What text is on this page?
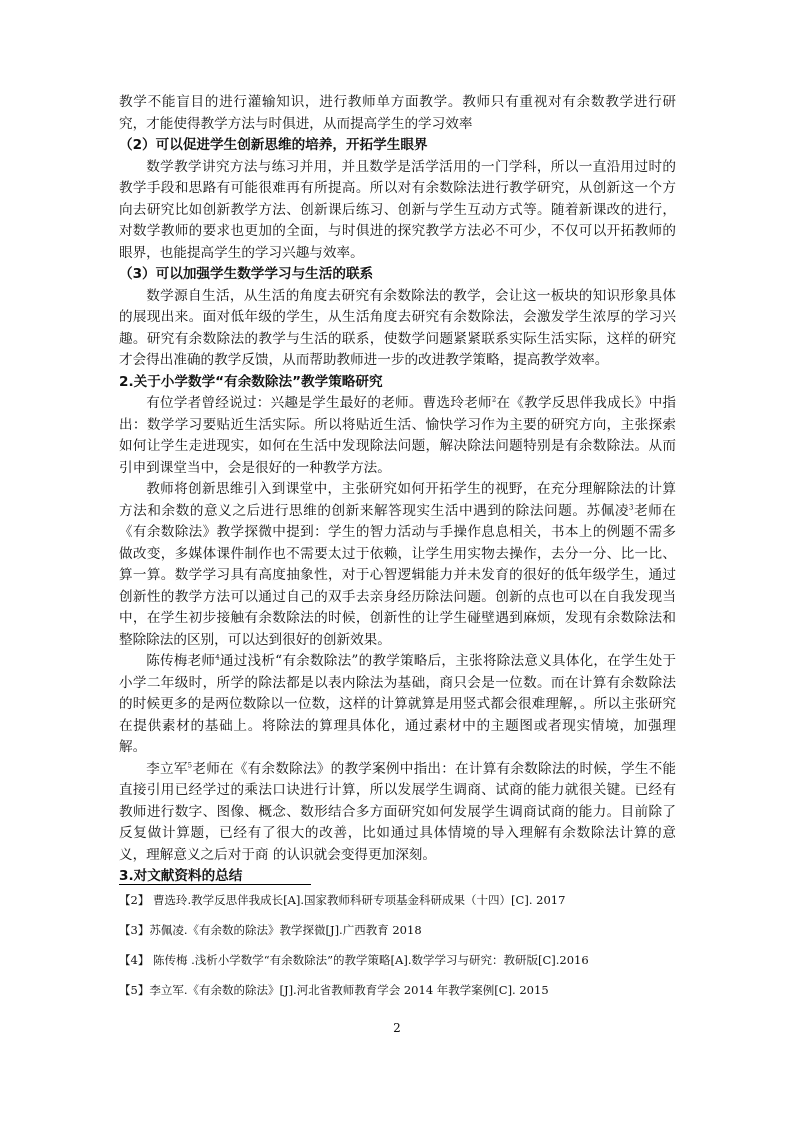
教学不能盲目的进行灌输知识，进行教师单方面教学。教师只有重视对有余数教学进行研究，才能使得教学方法与时俱进，从而提高学生的学习效率

（2）可以促进学生创新思维的培养，开拓学生眼界

数学教学讲究方法与练习并用，并且数学是活学活用的一门学科，所以一直沿用过时的教学手段和思路有可能很难再有所提高。所以对有余数除法进行教学研究，从创新这一个方向去研究比如创新教学方法、创新课后练习、创新与学生互动方式等。随着新课改的进行，对数学教师的要求也更加的全面，与时俱进的探究教学方法必不可少，不仅可以开拓教师的眼界，也能提高学生的学习兴趣与效率。

（3）可以加强学生数学学习与生活的联系

数学源自生活，从生活的角度去研究有余数除法的教学，会让这一板块的知识形象具体的展现出来。面对低年级的学生，从生活角度去研究有余数除法，会激发学生浓厚的学习兴趣。研究有余数除法的教学与生活的联系，使数学问题紧紧联系实际生活实际，这样的研究才会得出准确的教学反馈，从而帮助教师进一步的改进教学策略，提高教学效率。

2.关于小学数学“有余数除法”教学策略研究

有位学者曾经说过：兴趣是学生最好的老师。曹选玲老师$^2$在《教学反思伴我成长》中指出：数学学习要贴近生活实际。所以将贴近生活、愉快学习作为主要的研究方向，主张探索如何让学生走进现实，如何在生活中发现除法问题，解决除法问题特别是有余数除法。从而引申到课堂当中，会是很好的一种教学方法。

教师将创新思维引入到课堂中，主张研究如何开拓学生的视野，在充分理解除法的计算方法和余数的意义之后进行思维的创新来解答现实生活中遇到的除法问题。苏佩凌$^3$老师在《有余数除法》教学探微中提到：学生的智力活动与手操作息息相关，书本上的例题不需多做改变，多媒体课件制作也不需要太过于依赖，让学生用实物去操作，去分一分、比一比、算一算。数学学习具有高度抽象性，对于心智逻辑能力并未发育的很好的低年级学生，通过创新性的教学方法可以通过自己的双手去亲身经历除法问题。创新的点也可以在自我发现当中，在学生初步接触有余数除法的时候，创新性的让学生碰壁遇到麻烦，发现有余数除法和整除除法的区别，可以达到很好的创新效果。

陈传梅老师$^4$通过浅析“有余数除法”的教学策略后，主张将除法意义具体化，在学生处于小学二年级时，所学的除法都是以表内除法为基础，商只会是一位数。而在计算有余数除法的时候更多的是两位数除以一位数，这样的计算就算是用竖式都会很难理解，。所以主张研究在提供素材的基础上。将除法的算理具体化，通过素材中的主题图或者现实情境，加强理解。

李立军$^5$老师在《有余数除法》的教学案例中指出：在计算有余数除法的时候，学生不能直接引用已经学过的乘法口诀进行计算，所以发展学生调商、试商的能力就很关键。已经有教师进行数字、图像、概念、数形结合多方面研究如何发展学生调商试商的能力。目前除了反复做计算题，已经有了很大的改善，比如通过具体情境的导入理解有余数除法计算的意义，理解意义之后对于商 的认识就会变得更加深刻。

3.对文献资料的总结

【2】 曹选玲.教学反思伴我成长[A].国家教师科研专项基金科研成果（十四）[C]. 2017

【3】苏佩凌.《有余数的除法》教学探微[J].广西教育 2018

【4】 陈传梅 .浅析小学数学“有余数除法”的教学策略[A].数学学习与研究：教研版[C].2016

【5】李立军.《有余数的除法》[J].河北省教师教育学会 2014 年教学案例[C]. 2015

2
